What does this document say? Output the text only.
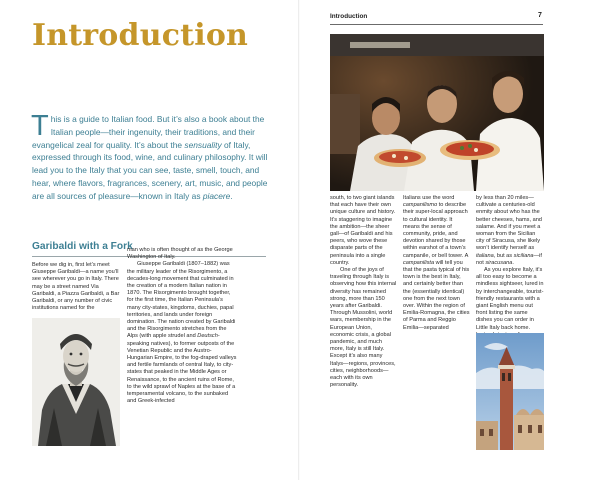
Introduction
This is a guide to Italian food. But it’s also a book about the Italian people—their ingenuity, their traditions, and their evangelical zeal for quality. It’s about the sensuality of Italy, expressed through its food, wine, and culinary philosophy. It will lead you to the Italy that you can see, taste, smell, touch, and hear, where flavors, fragrances, scenery, art, music, and people are all sources of pleasure—known in Italy as piacere.
Garibaldi with a Fork

Before we dig in, first let’s meet Giuseppe Garibaldi—a name you’ll see wherever you go in Italy. There may be a street named Via Garibaldi, a Piazza Garibaldi, a Bar Garibaldi, or any number of civic institutions named for the

man who is often thought of as the George Washington of Italy.

Giuseppe Garibaldi (1807–1882) was the military leader of the Risorgimento, a decades-long movement that culminated in the creation of a modern Italian nation in 1870. The Risorgimento brought together, for the first time, the Italian Peninsula’s many city-states, kingdoms, duchies, papal territories, and lands under foreign domination. The nation created by Garibaldi and the Risorgimento stretches from the Alps (with apple strudel and Deutsch-speaking natives), to former outposts of the Venetian Republic and the Austro-Hungarian Empire, to the fog-draped valleys and fertile farmlands of central Italy, to city-states that peaked in the Middle Ages or Renaissance, to the ancient ruins of Rome, to the wild sprawl of Naples at the base of a temperamental volcano, to the sunbaked and Greek-infected

Introduction	7

south, to two giant islands that each have their own unique culture and history. It’s staggering to imagine the ambition—the sheer gall—of Garibaldi and his peers, who wove these disparate parts of the peninsula into a single country.

One of the joys of traveling through Italy is observing how this internal diversity has remained strong, more than 150 years after Garibaldi. Through Mussolini, world wars, membership in the European Union, economic crisis, a global pandemic, and much more, Italy is still Italy. Except it’s also many Italys—regions, provinces, cities, neighborhoods—each with its own personality.

Italians use the word campanilismo to describe their super-local approach to cultural identity. It means the sense of community, pride, and devotion shared by those within earshot of a town’s campanile, or bell tower. A campanilista will tell you that the pasta typical of his town is the best in Italy, and certainly better than the (essentially identical) one from the next town over. Within the region of Emilia-Romagna, the cities of Parma and Reggio Emilia—separated

by less than 20 miles—cultivate a centuries-old enmity about who has the better cheeses, hams, and salame. And if you meet a woman from the Sicilian city of Siracusa, she likely won’t identify herself as italiana, but as siciliana—if not siracusana.

As you explore Italy, it’s all too easy to become a mindless sightseer, lured in by interchangeable, tourist-friendly restaurants with a giant English menu out front listing the same dishes you can order in Little Italy back home.
